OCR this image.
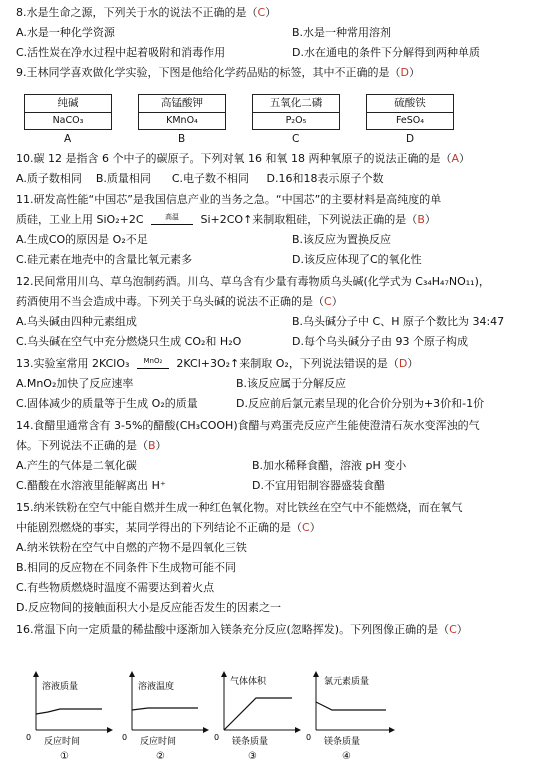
8.水是生命之源，下列关于水的说法不正确的是（C）
A.水是一种化学资源	B.水是一种常用溶剂
C.活性炭在净水过程中起着吸附和消毒作用	D.水在通电的条件下分解得到两种单质
9.王林同学喜欢做化学实验，下图是他给化学药品贴的标签，其中不正确的是（D）
纯碱
NaCO₃
A
高锰酸钾
KMnO₄
B
五氧化二磷
P₂O₅
C
硫酸铁
FeSO₄
D
10.碳 12 是指含 6 个中子的碳原子。下列对氧 16 和氧 18 两种氧原子的说法正确的是（A）
A.质子数相同    B.质量相同      C.电子数不相同     D.16和18表示原子个数
11.研发高性能“中国芯”是我国信息产业的当务之急。“中国芯”的主要材料是高纯度的单
质硅，工业上用 SiO₂+2C	高温 Si+2CO↑来制取粗硅，下列说法正确的是（B）
A.生成CO的原因是 O₂不足	B.该反应为置换反应
C.硅元素在地壳中的含量比氧元素多	D.该反应体现了C的氧化性
12.民间常用川乌、草乌泡制药酒。川乌、草乌含有少量有毒物质乌头碱(化学式为 C₃₄H₄₇NO₁₁)，
药酒使用不当会造成中毒。下列关于乌头碱的说法不正确的是（C）
A.乌头碱由四种元素组成	B.乌头碱分子中 C、H 原子个数比为 34:47
C.乌头碱在空气中充分燃烧只生成 CO₂和 H₂O	D.每个乌头碱分子由 93 个原子构成
13.实验室常用 2KClO₃ MnO₂ 2KCl+3O₂↑来制取 O₂，下列说法错误的是（D）
A.MnO₂加快了反应速率	B.该反应属于分解反应
C.固体减少的质量等于生成 O₂的质量	D.反应前后氯元素呈现的化合价分别为+3价和-1价
14.食醋里通常含有 3-5%的醋酸(CH₃COOH)食醋与鸡蛋壳反应产生能使澄清石灰水变浑浊的气
体。下列说法不正确的是（B）
A.产生的气体是二氧化碳	B.加水稀释食醋，溶液 pH 变小
C.醋酸在水溶液里能解离出 H⁺	D.不宜用铝制容器盛装食醋
15.纳米铁粉在空气中能自燃并生成一种红色氧化物。对比铁丝在空气中不能燃烧，而在氧气
中能剧烈燃烧的事实，某同学得出的下列结论不正确的是（C）
A.纳米铁粉在空气中自燃的产物不是四氧化三铁
B.相同的反应物在不同条件下生成物可能不同
C.有些物质燃烧时温度不需要达到着火点
D.反应物间的接触面积大小是反应能否发生的因素之一
16.常温下向一定质量的稀盐酸中逐渐加入镁条充分反应(忽略挥发)。下列图像正确的是（C）
溶液质量
0 反应时间
①
溶液温度
0 反应时间
②
气体体积
0 镁条质量
③
氯元素质量
0 镁条质量
④
